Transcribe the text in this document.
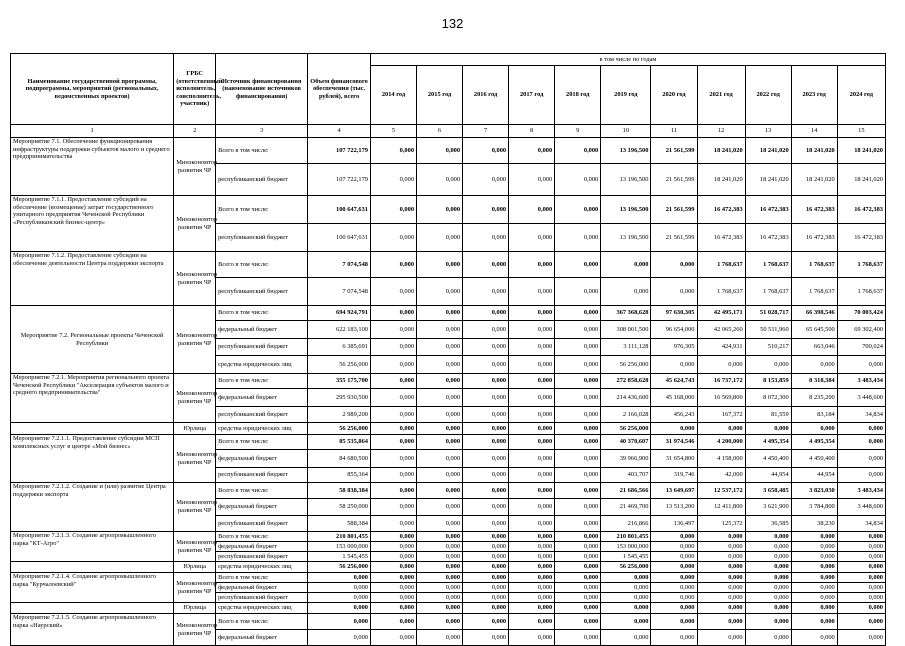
132
Наименование государственной программы, подпрограммы, мероприятий (региональных, ведомственных проектов)	ГРБС (ответственный исполнитель, соисполнитель, участник)	Источник финансирования (наименование источников финансирования)	Объем финансового обеспечения (тыс. рублей), всего	в том числе по годам										
				2014 год	2015 год	2016 год	2017 год	2018 год	2019 год	2020 год	2021 год	2022 год	2023 год	2024 год
1	2	3	4	5	6	7	8	9	10	11	12	13	14	15
Мероприятие 7.1. Обеспечение функционирования инфраструктуры поддержки субъектов малого и среднего предпринимательства	Минэкономтор развития ЧР	Всего в том числе:	107 722,179	0,000	0,000	0,000	0,000	0,000	13 196,500	21 561,599	18 241,020	18 241,020	18 241,020	18 241,020
		республиканский бюджет	107 722,179	0,000	0,000	0,000	0,000	0,000	13 196,500	21 561,599	18 241,020	18 241,020	18 241,020	18 241,020
Мероприятие 7.1.1. Предоставление субсидий на обеспечение (возмещение) затрат государственного унитарного предприятия Чеченской Республики «Республиканский бизнес-центр»	Минэкономтор развития ЧР	Всего в том числе:	100 647,631	0,000	0,000	0,000	0,000	0,000	13 196,500	21 561,599	16 472,383	16 472,383	16 472,383	16 472,383
		республиканский бюджет	100 647,631	0,000	0,000	0,000	0,000	0,000	13 196,500	21 561,599	16 472,383	16 472,383	16 472,383	16 472,383
Мероприятие 7.1.2. Предоставление субсидии на обеспечение деятельности Центра поддержки экспорта	Минэкономтор развития ЧР	Всего в том числе:	7 074,548	0,000	0,000	0,000	0,000	0,000	0,000	0,000	1 768,637	1 768,637	1 768,637	1 768,637
		республиканский бюджет	7 074,548	0,000	0,000	0,000	0,000	0,000	0,000	0,000	1 768,637	1 768,637	1 768,637	1 768,637
Мероприятие 7.2. Региональные проекты Чеченской Республики	Минэкономтор развития ЧР	Всего в том числе:	694 924,791	0,000	0,000	0,000	0,000	0,000	367 368,628	97 630,305	42 495,171	51 028,717	66 398,546	70 003,424
		федеральный бюджет	622 183,100	0,000	0,000	0,000	0,000	0,000	308 001,500	96 654,000	42 065,260	50 511,960	65 645,500	69 302,400
		республиканский бюджет	6 385,691	0,000	0,000	0,000	0,000	0,000	3 111,128	976,305	424,931	510,217	663,046	700,024
		средства юридических лиц	56 256,000	0,000	0,000	0,000	0,000	0,000	56 256,000	0,000	0,000	0,000	0,000	0,000
Мероприятие 7.2.1. Мероприятия регионального проекта Чеченской Республики "Акселерация субъектов малого и среднего предпринимательства"	Минэкономтор развития ЧР	Всего в том числе:	355 175,700	0,000	0,000	0,000	0,000	0,000	272 858,628	45 624,743	16 737,172	8 153,859	8 318,384	3 483,434
		федеральный бюджет	295 930,500	0,000	0,000	0,000	0,000	0,000	214 436,600	45 168,000	16 569,800	8 072,300	8 235,200	3 448,600
		республиканский бюджет	2 989,200	0,000	0,000	0,000	0,000	0,000	2 166,028	456,243	167,372	81,559	83,184	34,834
	Юрлица	средства юридических лиц	56 256,000	0,000	0,000	0,000	0,000	0,000	56 256,000	0,000	0,000	0,000	0,000	0,000
Мероприятие 7.2.1.1. Предоставление субсидии МСП комплексных услуг в центре «Мой бизнес»	Минэкономтор развития ЧР	Всего в том числе:	85 535,864	0,000	0,000	0,000	0,000	0,000	40 370,607	31 974,546	4 200,000	4 495,354	4 495,354	0,000
		федеральный бюджет	84 680,500	0,000	0,000	0,000	0,000	0,000	39 966,900	31 654,800	4 158,000	4 450,400	4 450,400	0,000
		республиканский бюджет	855,364	0,000	0,000	0,000	0,000	0,000	403,707	319,746	42,000	44,954	44,954	0,000
Мероприятие 7.2.1.2. Создание и (или) развитие Центра поддержки экспорта	Минэкономтор развития ЧР	Всего в том числе:	58 838,384	0,000	0,000	0,000	0,000	0,000	21 686,566	13 649,697	12 537,172	3 658,485	3 823,030	3 483,434
		федеральный бюджет	58 250,000	0,000	0,000	0,000	0,000	0,000	21 469,700	13 513,200	12 411,800	3 621,900	3 784,800	3 448,600
		республиканский бюджет	588,384	0,000	0,000	0,000	0,000	0,000	216,866	136,497	125,372	36,585	38,230	34,834
Мероприятие 7.2.1.3. Создание агропромышленного парка "КТ-Агро"	Минэкономтор развития ЧР	Всего в том числе:	210 801,455	0,000	0,000	0,000	0,000	0,000	210 801,455	0,000	0,000	0,000	0,000	0,000
		федеральный бюджет	153 000,000	0,000	0,000	0,000	0,000	0,000	153 000,000	0,000	0,000	0,000	0,000	0,000
		республиканский бюджет	1 545,455	0,000	0,000	0,000	0,000	0,000	1 545,455	0,000	0,000	0,000	0,000	0,000
	Юрлица	средства юридических лиц	56 256,000	0,000	0,000	0,000	0,000	0,000	56 256,000	0,000	0,000	0,000	0,000	0,000
Мероприятие 7.2.1.4. Создание агропромышленного парка "Курчалоевский"	Минэкономтор развития ЧР	Всего в том числе:	0,000	0,000	0,000	0,000	0,000	0,000	0,000	0,000	0,000	0,000	0,000	0,000
		федеральный бюджет	0,000	0,000	0,000	0,000	0,000	0,000	0,000	0,000	0,000	0,000	0,000	0,000
		республиканский бюджет	0,000	0,000	0,000	0,000	0,000	0,000	0,000	0,000	0,000	0,000	0,000	0,000
	Юрлица	средства юридических лиц	0,000	0,000	0,000	0,000	0,000	0,000	0,000	0,000	0,000	0,000	0,000	0,000
Мероприятие 7.2.1.5. Создание агропромышленного парка «Наурский»	Минэкономтор развития ЧР	Всего в том числе:	0,000	0,000	0,000	0,000	0,000	0,000	0,000	0,000	0,000	0,000	0,000	0,000
		федеральный бюджет	0,000	0,000	0,000	0,000	0,000	0,000	0,000	0,000	0,000	0,000	0,000	0,000
